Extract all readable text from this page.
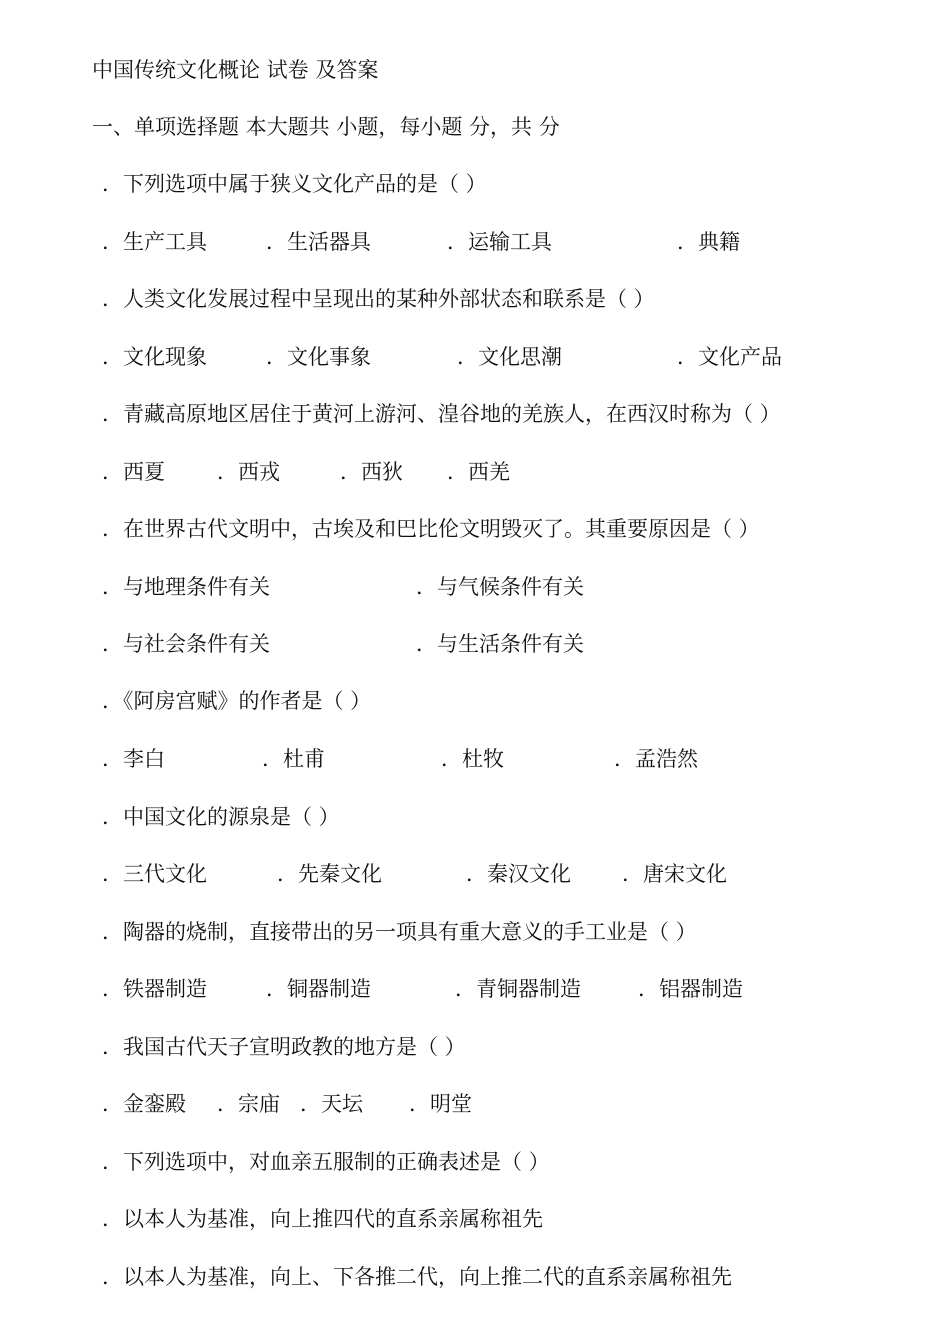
中国传统文化概论 试卷 及答案
一、单项选择题 本大题共 小题，每小题 分，共 分
．下列选项中属于狭义文化产品的是（ ）
．生产工具	．生活器具	．运输工具	．典籍
．人类文化发展过程中呈现出的某种外部状态和联系是（ ）
．文化现象	．文化事象	．文化思潮	．文化产品
．青藏高原地区居住于黄河上游河、湟谷地的羌族人，在西汉时称为（ ）
．西夏 ．西戎	．西狄 ．西羌
．在世界古代文明中，古埃及和巴比伦文明毁灭了。其重要原因是（ ）
．与地理条件有关	．与气候条件有关
．与社会条件有关	．与生活条件有关
．《阿房宫赋》的作者是（ ）
．李白	．杜甫	．杜牧	．孟浩然
．中国文化的源泉是（ ）
．三代文化	．先秦文化	．秦汉文化 ．唐宋文化
．陶器的烧制，直接带出的另一项具有重大意义的手工业是（ ）
．铁器制造	．铜器制造	．青铜器制造	．铝器制造
．我国古代天子宣明政教的地方是（ ）
．金銮殿 ．宗庙 ．天坛 ．明堂
．下列选项中，对血亲五服制的正确表述是（ ）
．以本人为基准，向上推四代的直系亲属称祖先
．以本人为基准，向上、下各推二代，向上推二代的直系亲属称祖先
